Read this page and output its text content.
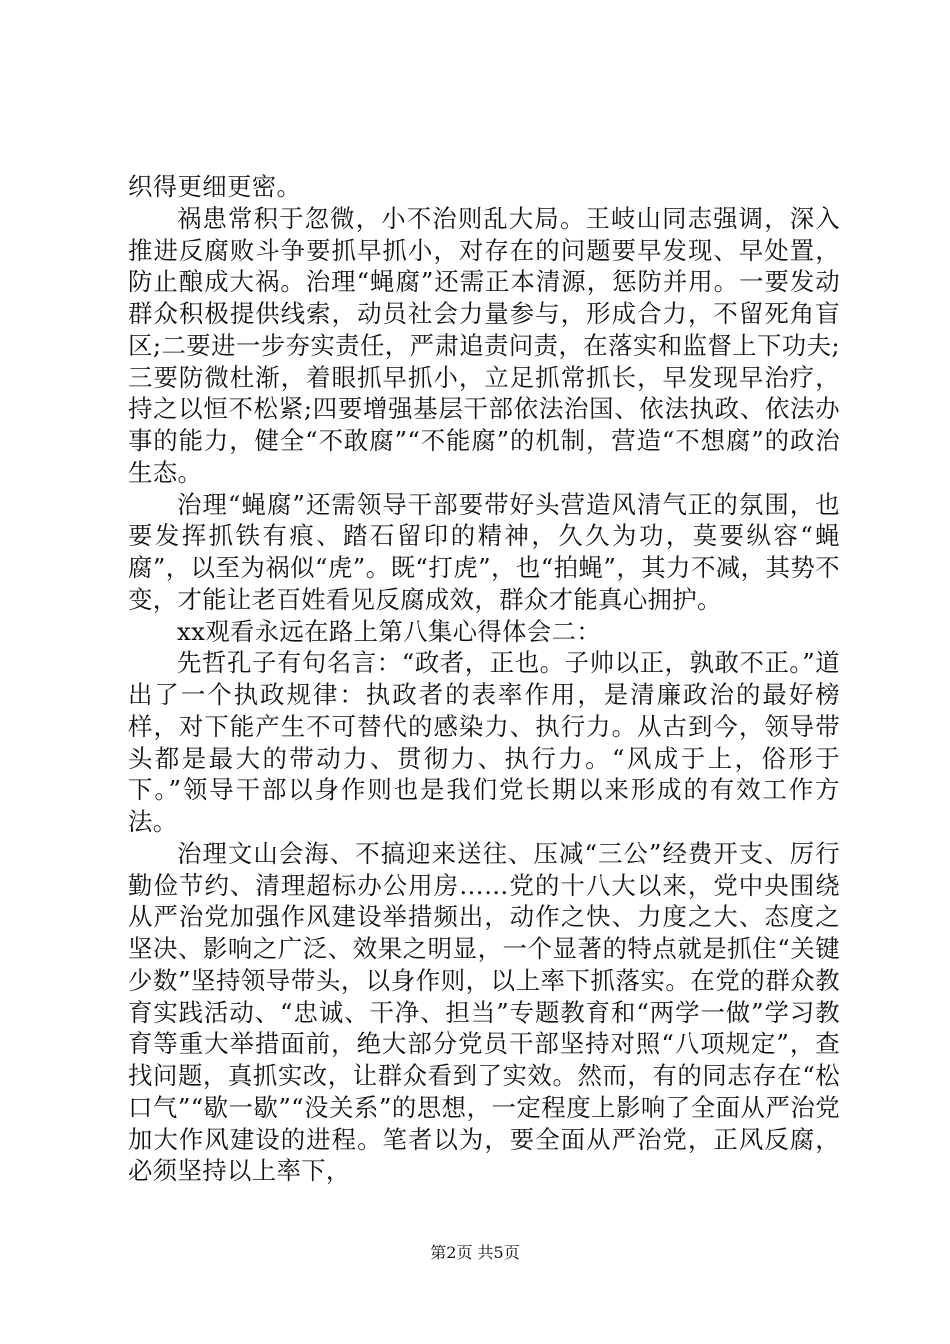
织得更细更密。

祸患常积于忽微，小不治则乱大局。王岐山同志强调，深入推进反腐败斗争要抓早抓小，对存在的问题要早发现、早处置，防止酿成大祸。治理“蝇腐”还需正本清源，惩防并用。一要发动群众积极提供线索，动员社会力量参与，形成合力，不留死角盲区;二要进一步夯实责任，严肃追责问责，在落实和监督上下功夫;三要防微杜渐，着眼抓早抓小，立足抓常抓长，早发现早治疗，持之以恒不松紧;四要增强基层干部依法治国、依法执政、依法办事的能力，健全“不敢腐”“不能腐”的机制，营造“不想腐”的政治生态。

治理“蝇腐”还需领导干部要带好头营造风清气正的氛围，也要发挥抓铁有痕、踏石留印的精神，久久为功，莫要纵容“蝇腐”，以至为祸似“虎”。既“打虎”，也“拍蝇”，其力不减，其势不变，才能让老百姓看见反腐成效，群众才能真心拥护。

xx观看永远在路上第八集心得体会二：

先哲孔子有句名言：“政者，正也。子帅以正，孰敢不正。”道出了一个执政规律：执政者的表率作用，是清廉政治的最好榜样，对下能产生不可替代的感染力、执行力。从古到今，领导带头都是最大的带动力、贯彻力、执行力。“风成于上，俗形于下。”领导干部以身作则也是我们党长期以来形成的有效工作方法。

治理文山会海、不搞迎来送往、压减“三公”经费开支、厉行勤俭节约、清理超标办公用房……党的十八大以来，党中央围绕从严治党加强作风建设举措频出，动作之快、力度之大、态度之坚决、影响之广泛、效果之明显，一个显著的特点就是抓住“关键少数”坚持领导带头，以身作则，以上率下抓落实。在党的群众教育实践活动、“忠诚、干净、担当”专题教育和“两学一做”学习教育等重大举措面前，绝大部分党员干部坚持对照“八项规定”，查找问题，真抓实改，让群众看到了实效。然而，有的同志存在“松口气”“歇一歇”“没关系”的思想，一定程度上影响了全面从严治党加大作风建设的进程。笔者以为，要全面从严治党，正风反腐，必须坚持以上率下，

第2页 共5页
